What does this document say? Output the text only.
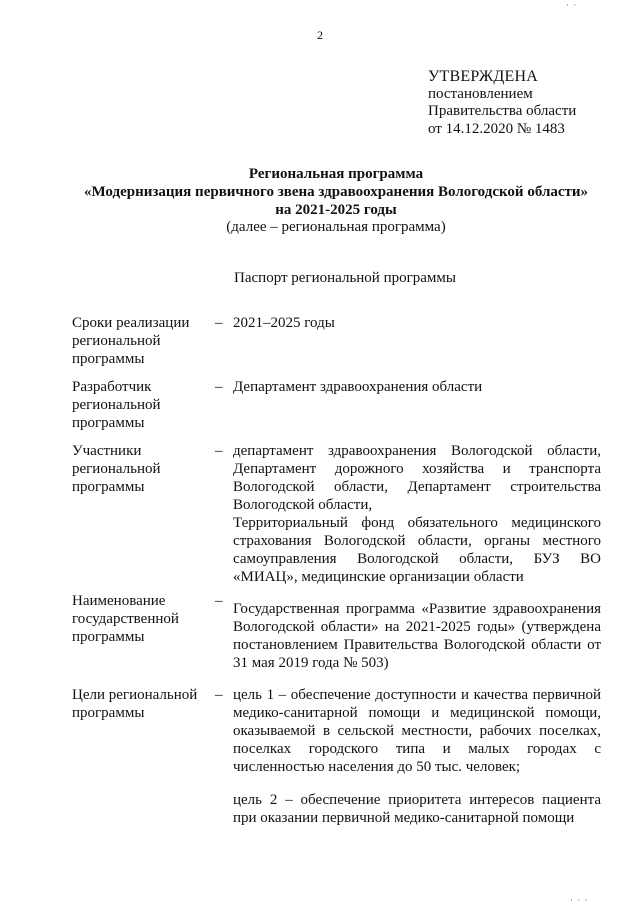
2
· ·
УТВЕРЖДЕНА
постановлением
Правительства области
от 14.12.2020 № 1483
Региональная программа
«Модернизация первичного звена здравоохранения Вологодской области»
на 2021-2025 годы
(далее – региональная программа)
Паспорт региональной программы
Сроки реализации
региональной
программы
– 2021–2025 годы

Разработчик
региональной
программы
– Департамент здравоохранения области

Участники
региональной
программы
– департамент здравоохранения Вологодской области, Департамент дорожного хозяйства и транспорта Вологодской области, Департамент строительства Вологодской области,

Территориальный фонд обязательного медицинского страхования Вологодской области, органы местного самоуправления Вологодской области, БУЗ ВО «МИАЦ», медицинские организации области

Наименование
государственной
программы
– Государственная программа «Развитие здравоохранения Вологодской области» на 2021-2025 годы» (утверждена постановлением Правительства Вологодской области от 31 мая 2019 года № 503)

Цели региональной
программы
– цель 1 – обеспечение доступности и качества первичной медико-санитарной помощи и медицинской помощи, оказываемой в сельской местности, рабочих поселках, поселках городского типа и малых городах с численностью населения до 50 тыс. человек;

цель 2 – обеспечение приоритета интересов пациента при оказании первичной медико-санитарной помощи

· · ·
